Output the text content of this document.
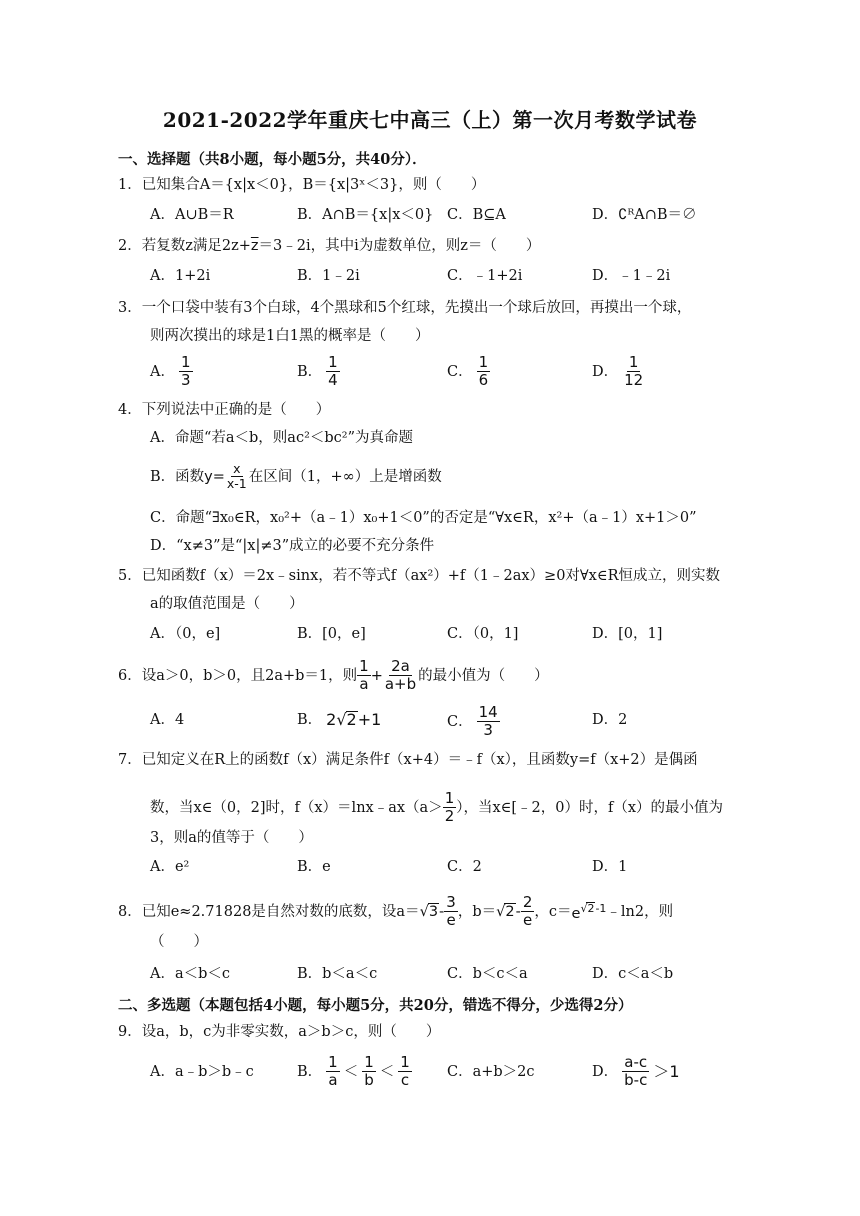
2021-2022学年重庆七中高三（上）第一次月考数学试卷
一、选择题（共8小题，每小题5分，共40分）．
1．已知集合A＝{x|x＜0}，B＝{x|3ˣ＜3}，则（　　）
A．A∪B＝R	B．A∩B＝{x|x＜0} C．B⊆A	D．∁ᴿA∩B＝∅
2．若复数z满足$2z+\overline{z}=3﹣2i$，其中i为虚数单位，则z＝（　　）
A．1+2i	B．1﹣2i	C．﹣1+2i	D．﹣1﹣2i
3．一个口袋中装有3个白球，4个黑球和5个红球，先摸出一个球后放回，再摸出一个球，
则两次摸出的球是1白1黑的概率是（　　）
A． $\frac{1}{3}$	B． $\frac{1}{4}$	C． $\frac{1}{6}$	D． $\frac{1}{12}$
4．下列说法中正确的是（　　）
A．命题“若a＜b，则ac²＜bc²”为真命题
B．函数 $y= \frac{x}{x-1}$ 在区间（1，+∞）上是增函数
C．命题“∃x₀∈R，x₀²+（a﹣1）x₀+1＜0”的否定是“∀x∈R，x²+（a﹣1）x+1＞0”
D．“x≠3”是“|x|≠3”成立的必要不充分条件
5．已知函数f（x）＝2x﹣sinx，若不等式f（ax²）+f（1﹣2ax）≥0对∀x∈R恒成立，则实数
a的取值范围是（　　）
A．（0，e]	B．[0，e]	C．（0，1]	D．[0，1]
6．设a＞0，b＞0，且2a+b＝1，则 $\frac{1}{a} + \frac{2a}{a+b}$ 的最小值为（　　）
A．4	B． 2√2+1	C． $\frac{14}{3}$	D．2
7．已知定义在R上的函数f（x）满足条件f（x+4）＝﹣f（x），且函数y=f（x+2）是偶函
数，当x∈（0，2]时，f（x）＝lnx﹣ax（a＞ $\frac{1}{2}$ ），当x∈[﹣2，0）时，f（x）的最小值为
3，则a的值等于（　　）
A．e²	B．e	C．2	D．1
8．已知e≈2.71828是自然对数的底数，设$a= √3- \frac{3}{e}$ ，$b= √2- \frac{2}{e}$ ，$c= e^{√2-1}$ ﹣ln2，则
（　　）
A．a＜b＜c	B．b＜a＜c	C．b＜c＜a	D．c＜a＜b
二、多选题（本题包括4小题，每小题5分，共20分，错选不得分，少选得2分）
9．设a，b，c为非零实数，a＞b＞c，则（　　）
A．a﹣b＞b﹣c	B． $\frac{1}{a} < \frac{1}{b} < \frac{1}{c}$ C．a+b＞2c	D． $\frac{a-c}{b-c} >1$
